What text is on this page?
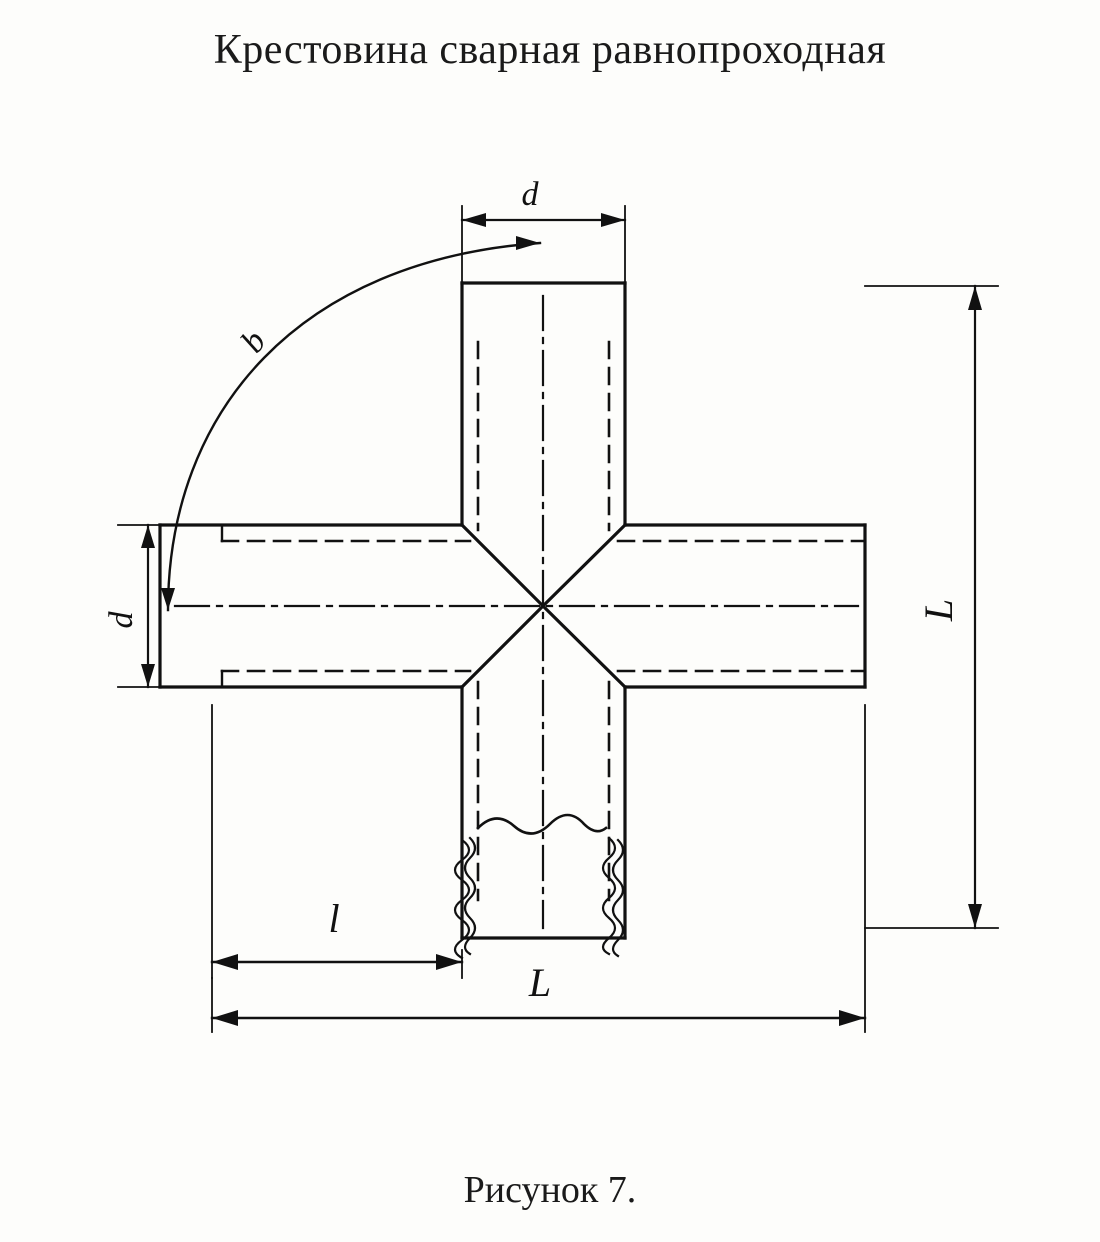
Крестовина сварная равнопроходная
d
d
b
L
l
L
Рисунок 7.
